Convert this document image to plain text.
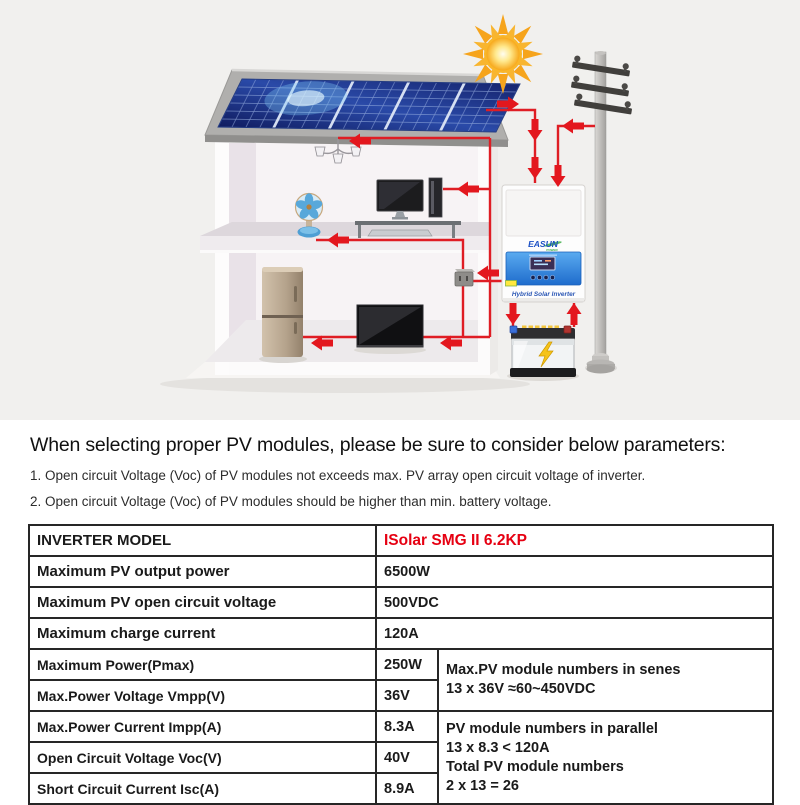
EASUN
POWER
Hybrid Solar Inverter
When selecting proper PV modules, please be sure to consider below parameters:

1. Open circuit Voltage (Voc) of PV modules not exceeds max. PV array open circuit voltage of inverter.

2. Open circuit Voltage (Voc) of PV modules should be higher than min. battery voltage.

INVERTER MODEL	ISolar SMG II 6.2KP	
Maximum PV output power	6500W	
Maximum PV open circuit voltage	500VDC	
Maximum charge current	120A	
Maximum Power(Pmax)	250W	Max.PV module numbers in senes
13 x 36V ≈60~450VDC

Max.Power Voltage Vmpp(V)	36V	
Max.Power Current Impp(A)	8.3A	PV module numbers in parallel
13 x 8.3 < 120A
Total PV module numbers
2 x 13 = 26

Open Circuit Voltage Voc(V)	40V	
Short Circuit Current Isc(A)	8.9A	
